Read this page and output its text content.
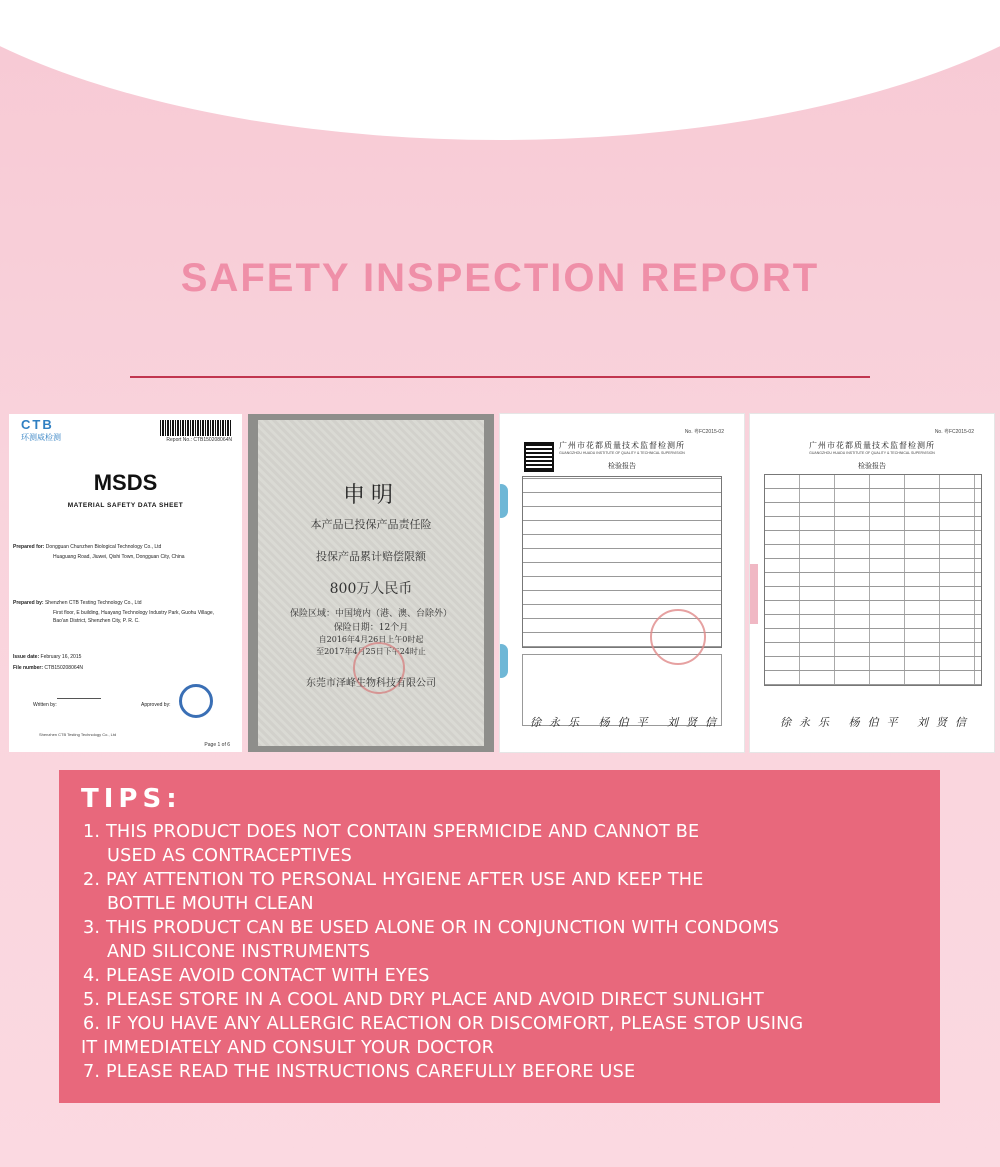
SAFETY INSPECTION REPORT
CTB
环测威检测	Report No.: CTB150208064N
MSDS
MATERIAL SAFETY DATA SHEET
Prepared for: Dongguan Chunzhen Biological Technology Co., Ltd
Huaguang Road, Jiuwei, Qishi Town, Dongguan City, China
Prepared by: Shenzhen CTB Testing Technology Co., Ltd
First floor, E building, Huayang Technology Industry Park, Guohu Village,
Bao'an District, Shenzhen City, P. R. C.
Issue date: February 16, 2015
File number: CTB150208064N
Written by:	Approved by:
Shenzhen CTB Testing Technology Co., Ltd
Page 1 of 6
申明
本产品已投保产品责任险
投保产品累计赔偿限额
800万人民币
保险区域：中国境内（港、澳、台除外）
保险日期：12个月
自2016年4月26日上午0时起
至2017年4月25日下午24时止
东莞市泽峰生物科技有限公司
No. 粤FC2015-02
广州市花都质量技术监督检测所
GUANGZHOU HUADU INSTITUTE OF QUALITY & TECHNICAL SUPERVISION
检验报告
徐永乐 杨伯平 刘贤信
No. 粤FC2015-02
广州市花都质量技术监督检测所
GUANGZHOU HUADU INSTITUTE OF QUALITY & TECHNICAL SUPERVISION
检验报告
徐永乐 杨伯平 刘贤信
TIPS:
1. THIS PRODUCT DOES NOT CONTAIN SPERMICIDE AND CANNOT BE
USED AS CONTRACEPTIVES
2. PAY ATTENTION TO PERSONAL HYGIENE AFTER USE AND KEEP THE
BOTTLE MOUTH CLEAN
3. THIS PRODUCT CAN BE USED ALONE OR IN CONJUNCTION WITH CONDOMS
AND SILICONE INSTRUMENTS
4. PLEASE AVOID CONTACT WITH EYES
5. PLEASE STORE IN A COOL AND DRY PLACE AND AVOID DIRECT SUNLIGHT
6. IF YOU HAVE ANY ALLERGIC REACTION OR DISCOMFORT, PLEASE STOP USING
IT IMMEDIATELY AND CONSULT YOUR DOCTOR
7. PLEASE READ THE INSTRUCTIONS CAREFULLY BEFORE USE
